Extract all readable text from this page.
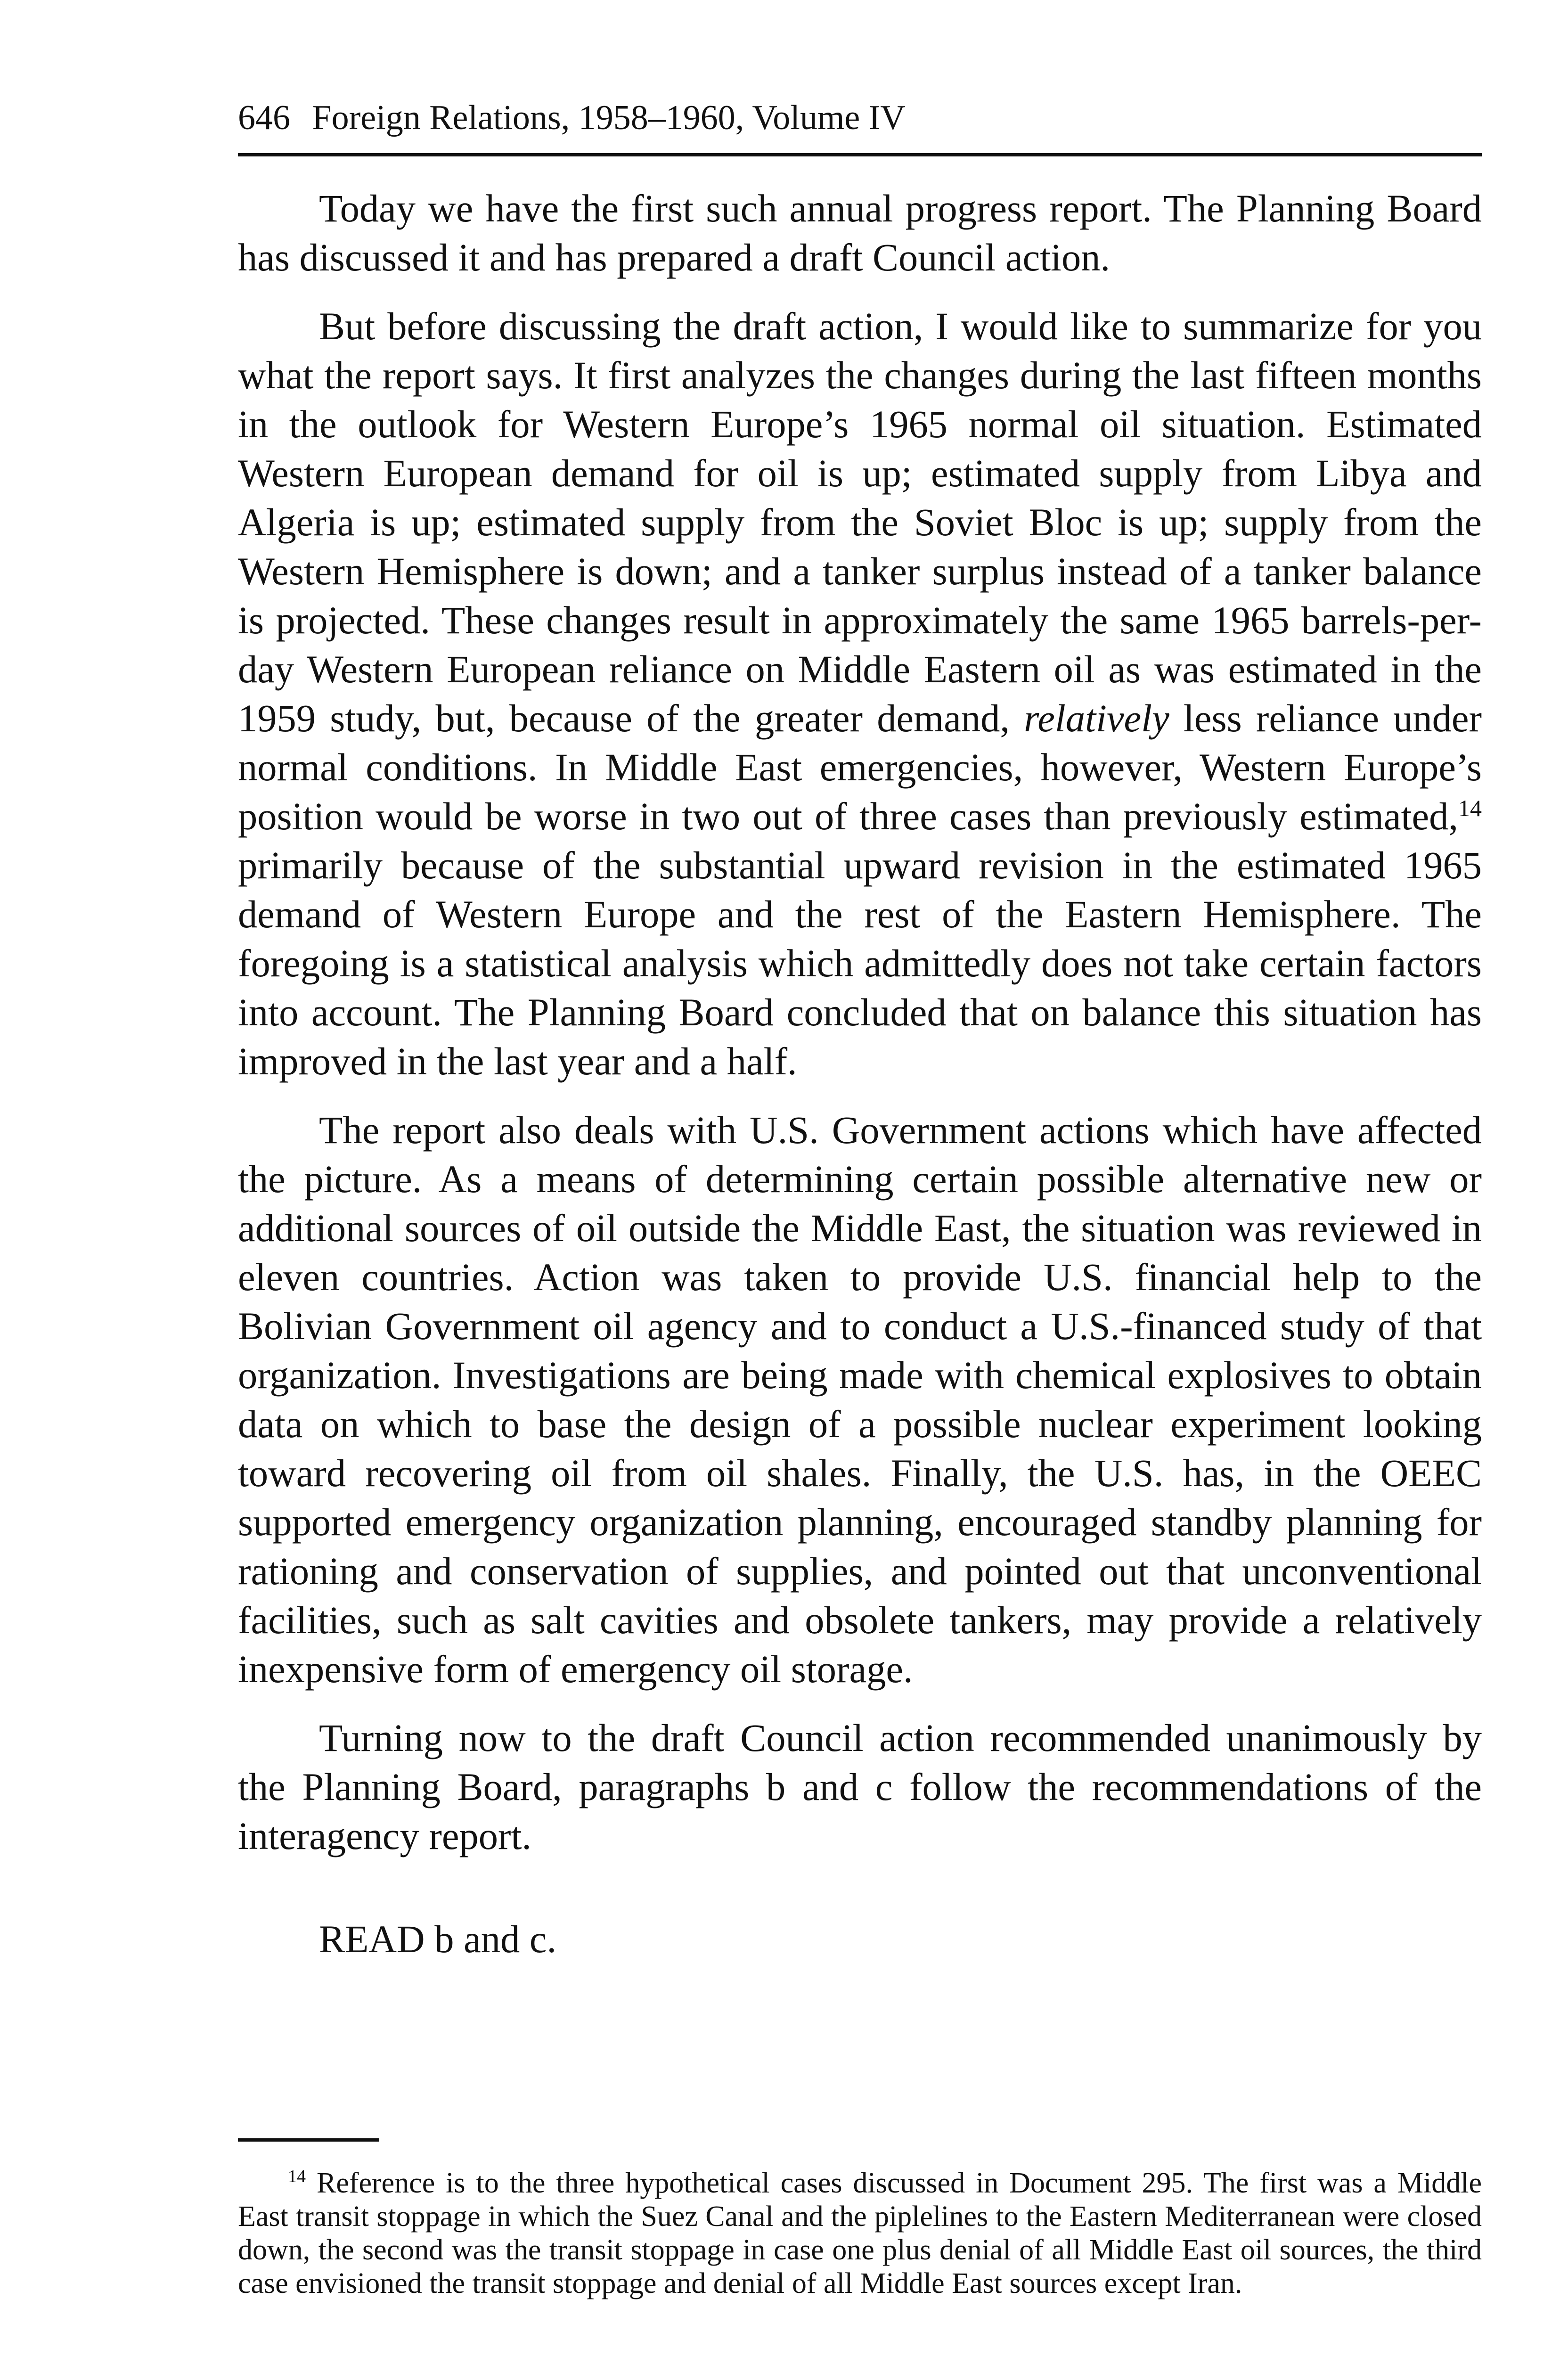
646 Foreign Relations, 1958–1960, Volume IV

Today we have the first such annual progress report. The Planning Board has discussed it and has prepared a draft Council action.

But before discussing the draft action, I would like to summarize for you what the report says. It first analyzes the changes during the last fifteen months in the outlook for Western Europe’s 1965 normal oil situation. Estimated Western European demand for oil is up; estimated supply from Libya and Algeria is up; estimated supply from the Soviet Bloc is up; supply from the Western Hemisphere is down; and a tanker surplus instead of a tanker balance is projected. These changes result in approximately the same 1965 barrels-per-day Western European reliance on Middle Eastern oil as was estimated in the 1959 study, but, because of the greater demand, relatively less reliance under normal conditions. In Middle East emergencies, however, Western Europe’s position would be worse in two out of three cases than previously estimated,$^{14}$ primarily because of the substantial upward revision in the estimated 1965 demand of Western Europe and the rest of the Eastern Hemisphere. The foregoing is a statistical analysis which admittedly does not take certain factors into account. The Planning Board concluded that on balance this situation has improved in the last year and a half.

The report also deals with U.S. Government actions which have affected the picture. As a means of determining certain possible alternative new or additional sources of oil outside the Middle East, the situation was reviewed in eleven countries. Action was taken to provide U.S. financial help to the Bolivian Government oil agency and to conduct a U.S.-financed study of that organization. Investigations are being made with chemical explosives to obtain data on which to base the design of a possible nuclear experiment looking toward recovering oil from oil shales. Finally, the U.S. has, in the OEEC supported emergency organization planning, encouraged standby planning for rationing and conservation of supplies, and pointed out that unconventional facilities, such as salt cavities and obsolete tankers, may provide a relatively inexpensive form of emergency oil storage.

Turning now to the draft Council action recommended unanimously by the Planning Board, paragraphs b and c follow the recommendations of the interagency report.

READ b and c.

$^{14}$ Reference is to the three hypothetical cases discussed in Document 295. The first was a Middle East transit stoppage in which the Suez Canal and the piplelines to the Eastern Mediterranean were closed down, the second was the transit stoppage in case one plus denial of all Middle East oil sources, the third case envisioned the transit stoppage and denial of all Middle East sources except Iran.
